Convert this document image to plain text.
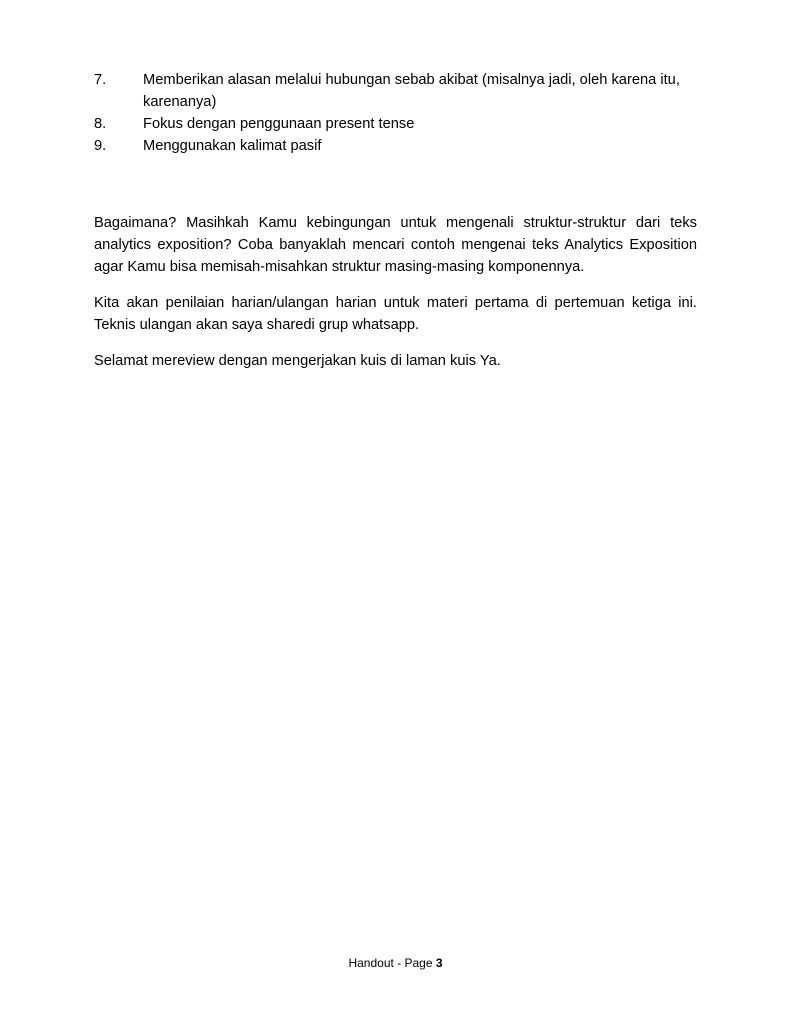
7.	Memberikan alasan melalui hubungan sebab akibat (misalnya jadi, oleh karena itu, karenanya)
8.	Fokus dengan penggunaan present tense
9.	Menggunakan kalimat pasif

Bagaimana? Masihkah Kamu kebingungan untuk mengenali struktur-struktur dari teks analytics exposition? Coba banyaklah mencari contoh mengenai teks Analytics Exposition agar Kamu bisa memisah-misahkan struktur masing-masing komponennya.

Kita akan penilaian harian/ulangan harian untuk materi pertama di pertemuan ketiga ini. Teknis ulangan akan saya sharedi grup whatsapp.

Selamat mereview dengan mengerjakan kuis di laman kuis Ya.

Handout - Page 3
